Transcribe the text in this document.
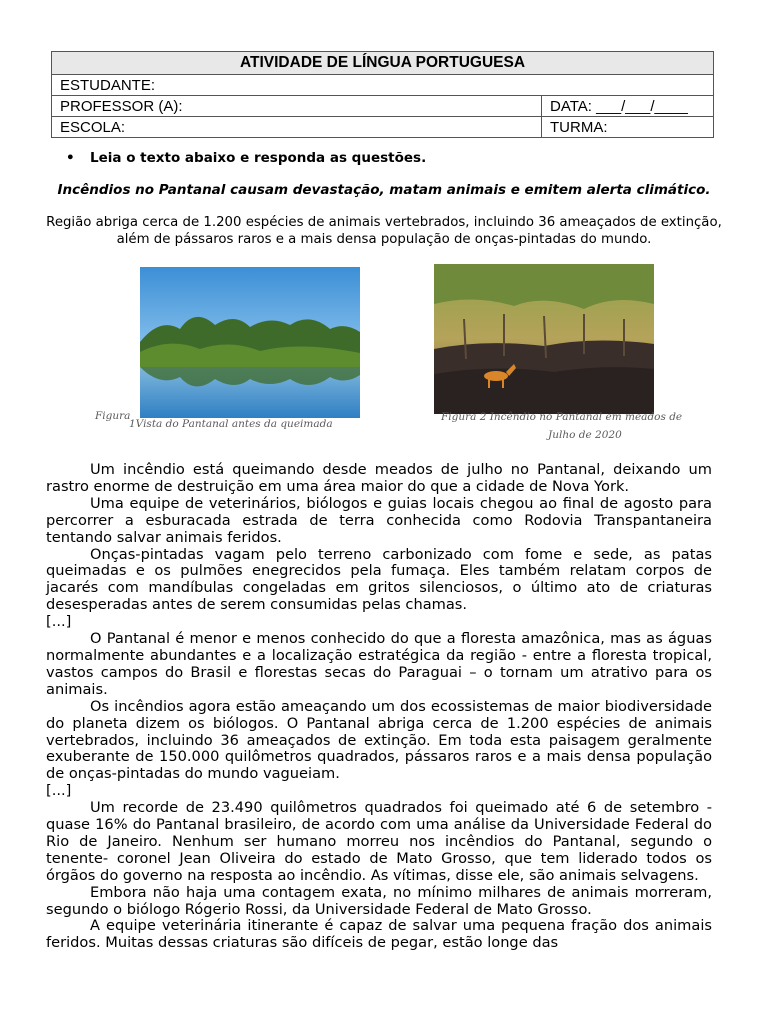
ATIVIDADE DE LÍNGUA PORTUGUESA	
ESTUDANTE:	
PROFESSOR (A):	DATA: ___/___/____
ESCOLA:	TURMA:
• Leia o texto abaixo e responda as questões.
Incêndios no Pantanal causam devastação, matam animais e emitem alerta climático.
Região abriga cerca de 1.200 espécies de animais vertebrados, incluindo 36 ameaçados de extinção, além de pássaros raros e a mais densa população de onças-pintadas do mundo.
Figura
1Vista do Pantanal antes da queimada
Figura 2 Incêndio no Pantanal em meados de
Julho de 2020

Um incêndio está queimando desde meados de julho no Pantanal, deixando um rastro enorme de destruição em uma área maior do que a cidade de Nova York.

Uma equipe de veterinários, biólogos e guias locais chegou ao final de agosto para percorrer a esburacada estrada de terra conhecida como Rodovia Transpantaneira tentando salvar animais feridos.

Onças-pintadas vagam pelo terreno carbonizado com fome e sede, as patas queimadas e os pulmões enegrecidos pela fumaça. Eles também relatam corpos de jacarés com mandíbulas congeladas em gritos silenciosos, o último ato de criaturas desesperadas antes de serem consumidas pelas chamas.

[...]

O Pantanal é menor e menos conhecido do que a floresta amazônica, mas as águas normalmente abundantes e a localização estratégica da região - entre a floresta tropical, vastos campos do Brasil e florestas secas do Paraguai – o tornam um atrativo para os animais.

Os incêndios agora estão ameaçando um dos ecossistemas de maior biodiversidade do planeta dizem os biólogos. O Pantanal abriga cerca de 1.200 espécies de animais vertebrados, incluindo 36 ameaçados de extinção. Em toda esta paisagem geralmente exuberante de 150.000 quilômetros quadrados, pássaros raros e a mais densa população de onças-pintadas do mundo vagueiam.

[...]

Um recorde de 23.490 quilômetros quadrados foi queimado até 6 de setembro - quase 16% do Pantanal brasileiro, de acordo com uma análise da Universidade Federal do Rio de Janeiro. Nenhum ser humano morreu nos incêndios do Pantanal, segundo o tenente- coronel Jean Oliveira do estado de Mato Grosso, que tem liderado todos os órgãos do governo na resposta ao incêndio. As vítimas, disse ele, são animais selvagens.

Embora não haja uma contagem exata, no mínimo milhares de animais morreram, segundo o biólogo Rógerio Rossi, da Universidade Federal de Mato Grosso.

A equipe veterinária itinerante é capaz de salvar uma pequena fração dos animais feridos. Muitas dessas criaturas são difíceis de pegar, estão longe das
